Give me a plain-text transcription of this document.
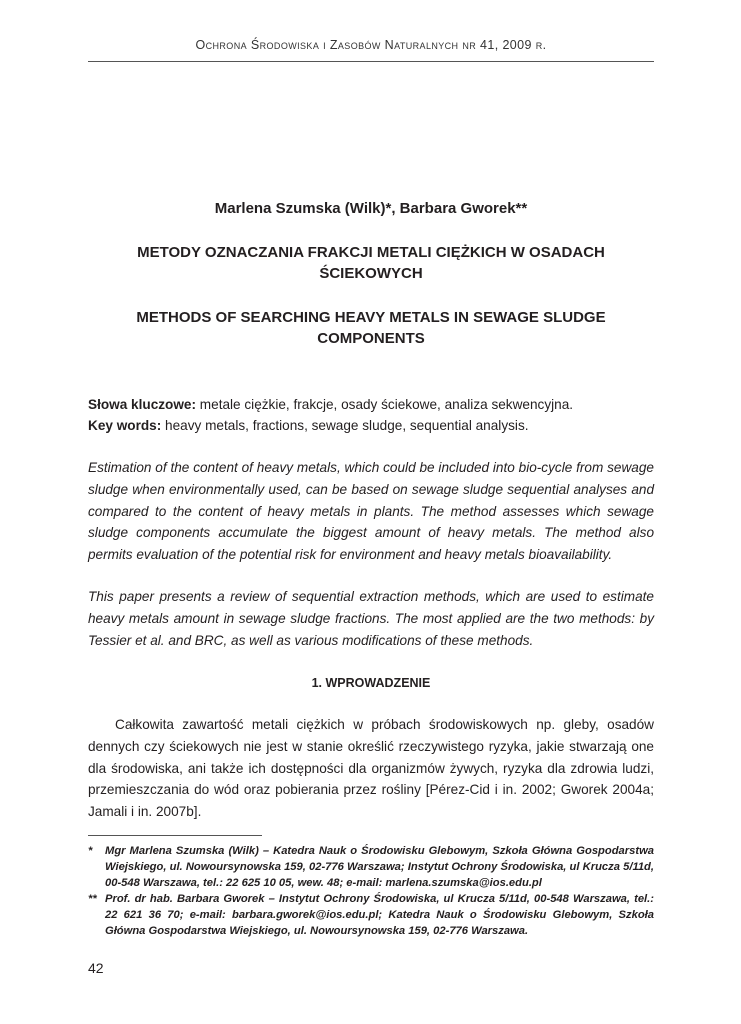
Ochrona Środowiska i Zasobów Naturalnych nr 41, 2009 r.
Marlena Szumska (Wilk)*, Barbara Gworek**
METODY OZNACZANIA FRAKCJI METALI CIĘŻKICH W OSADACH ŚCIEKOWYCH
METHODS OF SEARCHING HEAVY METALS IN SEWAGE SLUDGE COMPONENTS
Słowa kluczowe: metale ciężkie, frakcje, osady ściekowe, analiza sekwencyjna.
Key words: heavy metals, fractions, sewage sludge, sequential analysis.

Estimation of the content of heavy metals, which could be included into bio-cycle from sewage sludge when environmentally used, can be based on sewage sludge sequential analyses and compared to the content of heavy metals in plants. The method assesses which sewage sludge components accumulate the biggest amount of heavy metals. The method also permits evaluation of the potential risk for environment and heavy metals bioavailability.

This paper presents a review of sequential extraction methods, which are used to estimate heavy metals amount in sewage sludge fractions. The most applied are the two methods: by Tessier et al. and BRC, as well as various modifications of these methods.

1. WPROWADZENIE

Całkowita zawartość metali ciężkich w próbach środowiskowych np. gleby, osadów dennych czy ściekowych nie jest w stanie określić rzeczywistego ryzyka, jakie stwarzają one dla środowiska, ani także ich dostępności dla organizmów żywych, ryzyka dla zdrowia ludzi, przemieszczania do wód oraz pobierania przez rośliny [Pérez-Cid i in. 2002; Gworek 2004a; Jamali i in. 2007b].

* Mgr Marlena Szumska (Wilk) – Katedra Nauk o Środowisku Glebowym, Szkoła Główna Gospodarstwa Wiejskiego, ul. Nowoursynowska 159, 02-776 Warszawa; Instytut Ochrony Środowiska, ul Krucza 5/11d, 00-548 Warszawa, tel.: 22 625 10 05, wew. 48; e-mail: marlena.szumska@ios.edu.pl

** Prof. dr hab. Barbara Gworek – Instytut Ochrony Środowiska, ul Krucza 5/11d, 00-548 Warszawa, tel.: 22 621 36 70; e-mail: barbara.gworek@ios.edu.pl; Katedra Nauk o Środowisku Glebowym, Szkoła Główna Gospodarstwa Wiejskiego, ul. Nowoursynowska 159, 02-776 Warszawa.

42
